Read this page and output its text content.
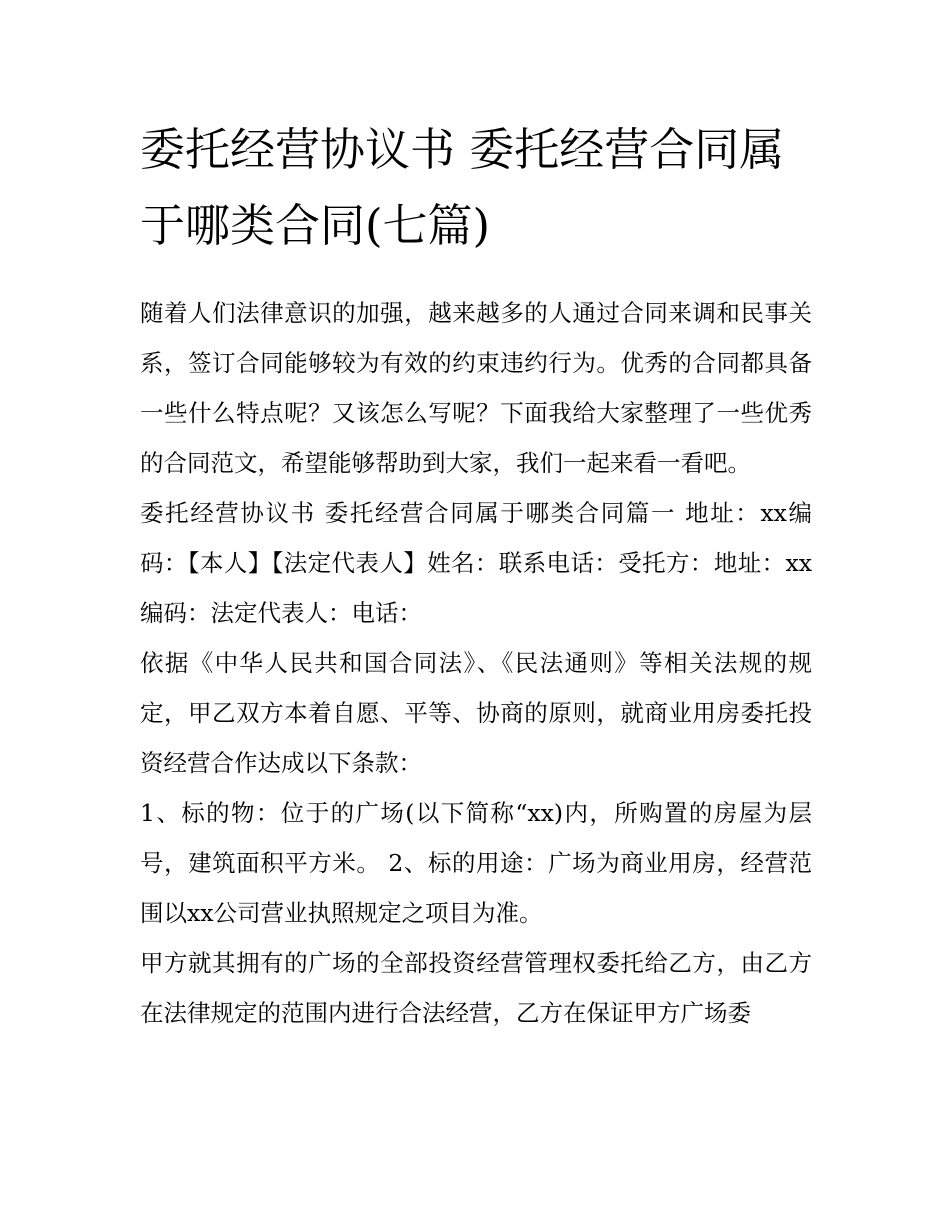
委托经营协议书 委托经营合同属于哪类合同(七篇)

随着人们法律意识的加强，越来越多的人通过合同来调和民事关系，签订合同能够较为有效的约束违约行为。优秀的合同都具备一些什么特点呢？又该怎么写呢？下面我给大家整理了一些优秀的合同范文，希望能够帮助到大家，我们一起来看一看吧。

委托经营协议书 委托经营合同属于哪类合同篇一 地址：xx编码：【本人】【法定代表人】姓名：联系电话：受托方：地址：xx编码：法定代表人：电话：

依据《中华人民共和国合同法》、《民法通则》等相关法规的规定，甲乙双方本着自愿、平等、协商的原则，就商业用房委托投资经营合作达成以下条款：

1、标的物：位于的广场(以下简称“xx)内，所购置的房屋为层号，建筑面积平方米。 2、标的用途：广场为商业用房，经营范围以xx公司营业执照规定之项目为准。

甲方就其拥有的广场的全部投资经营管理权委托给乙方，由乙方在法律规定的范围内进行合法经营，乙方在保证甲方广场委
